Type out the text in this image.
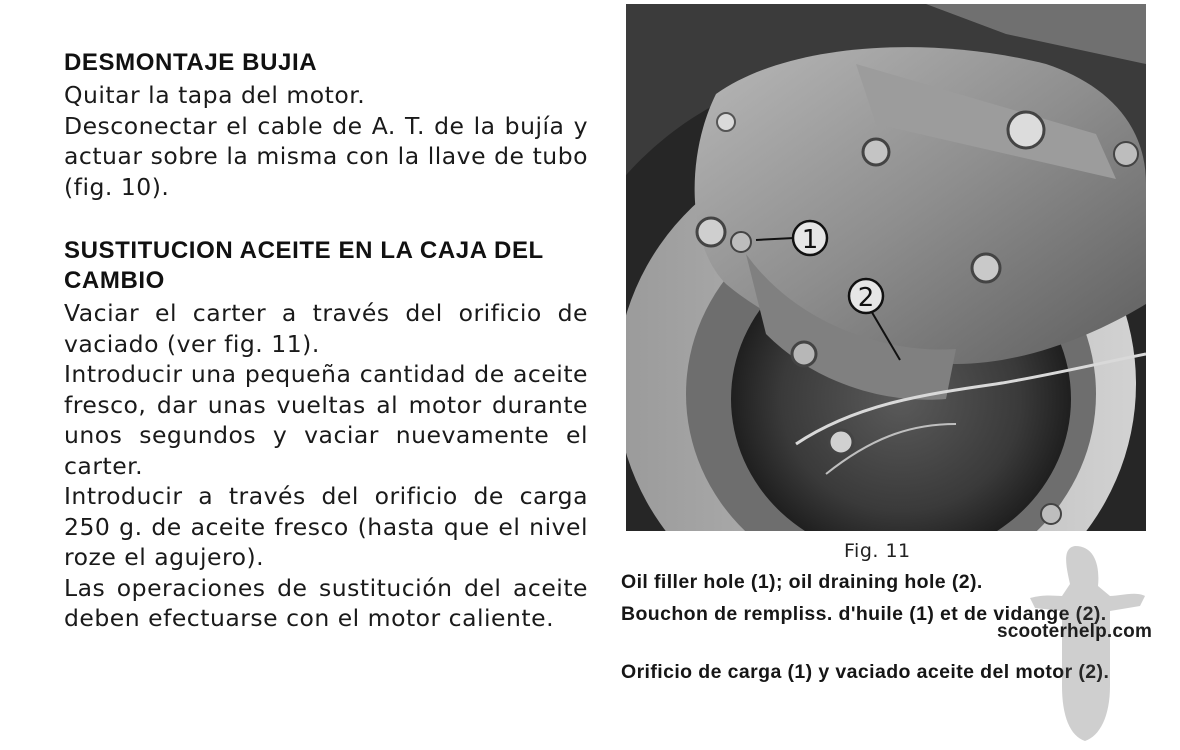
DESMONTAJE BUJIA

Quitar la tapa del motor.

Desconectar el cable de A. T. de la bujía y actuar sobre la misma con la llave de tubo (fig. 10).

SUSTITUCION ACEITE EN LA CAJA DEL CAMBIO

Vaciar el carter a través del orificio de vaciado (ver fig. 11).

Introducir una pequeña cantidad de aceite fresco, dar unas vueltas al motor durante unos segundos y vaciar nuevamente el carter.

Introducir a través del orificio de carga 250 g. de aceite fresco (hasta que el nivel roze el agujero).

Las operaciones de sustitución del aceite deben efectuarse con el motor caliente.

1
2
Fig. 11
Oil filler hole (1); oil draining hole (2).
Bouchon de rempliss. d'huile (1) et de vidange (2).
Orificio de carga (1) y vaciado aceite del motor (2).
scooterhelp.com
